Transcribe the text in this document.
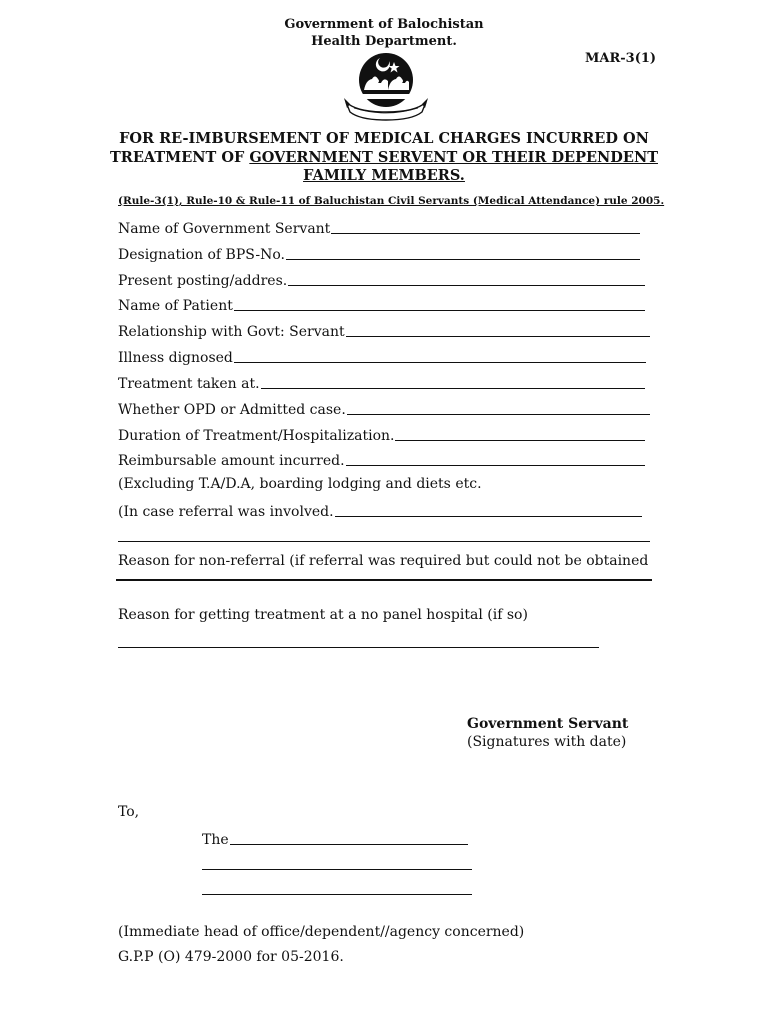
Government of Balochistan
Health Department.
MAR-3(1)
FOR RE-IMBURSEMENT OF MEDICAL CHARGES INCURRED ON
TREATMENT OF GOVERNMENT SERVENT OR THEIR DEPENDENT
FAMILY MEMBERS.
(Rule-3(1), Rule-10 & Rule-11 of Baluchistan Civil Servants (Medical Attendance) rule 2005.
Name of Government Servant
Designation of BPS-No.
Present posting/addres.
Name of Patient
Relationship with Govt: Servant
Illness dignosed
Treatment taken at.
Whether OPD or Admitted case.
Duration of Treatment/Hospitalization.
Reimbursable amount incurred.
(Excluding T.A/D.A, boarding lodging and diets etc.
(In case referral was involved.
Reason for non-referral (if referral was required but could not be obtained
Reason for getting treatment at a no panel hospital (if so)
Government Servant
(Signatures with date)
To,
The
(Immediate head of office/dependent//agency concerned)
G.P.P (O) 479-2000 for 05-2016.
